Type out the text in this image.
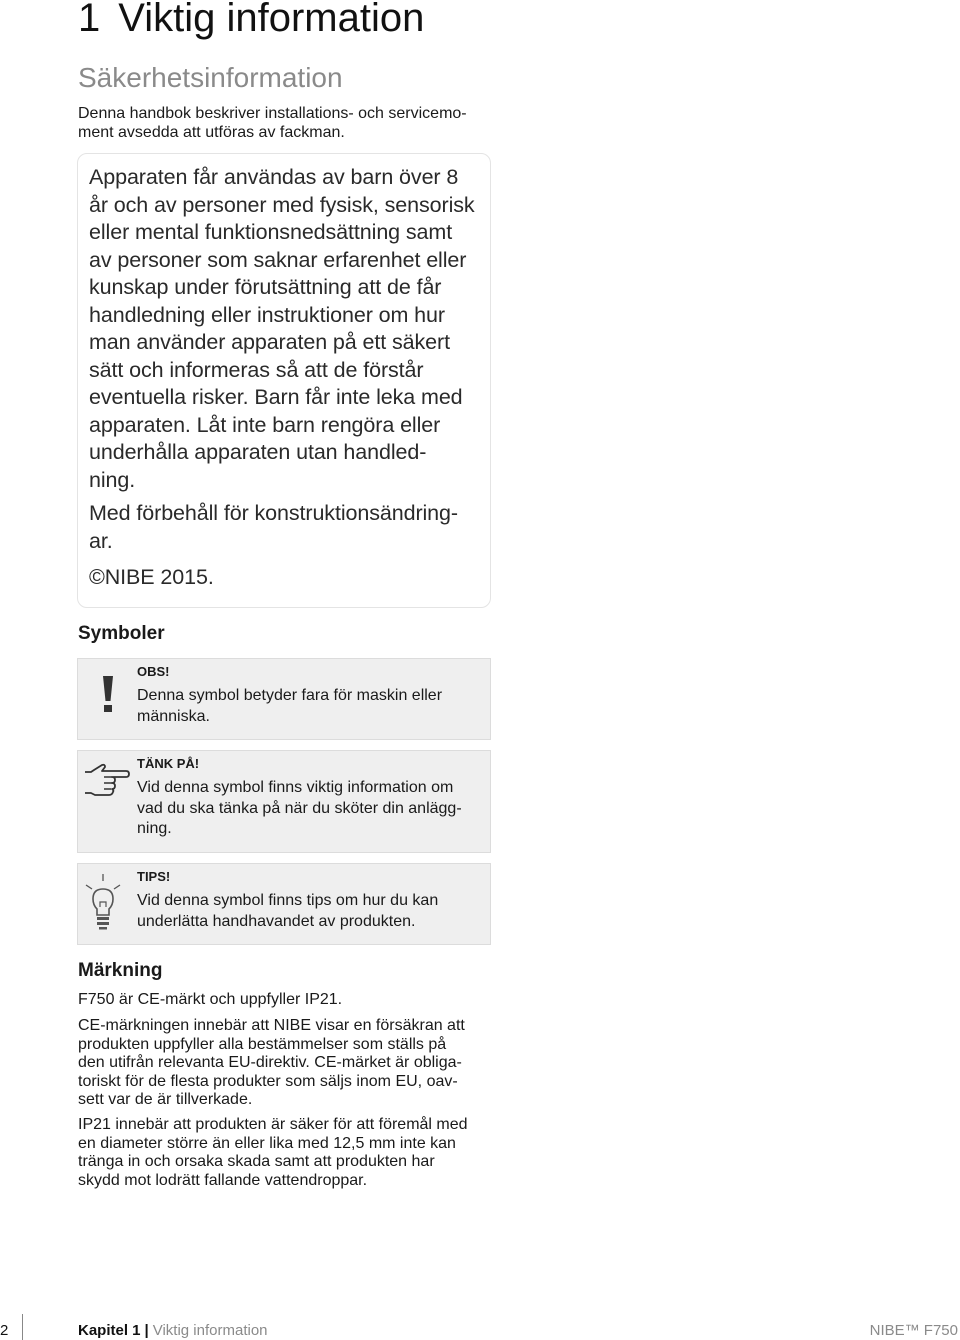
1 Viktig information
Säkerhetsinformation

Denna handbok beskriver installations- och servicemo-
ment avsedda att utföras av fackman.

Apparaten får användas av barn över 8
år och av personer med fysisk, sensorisk
eller mental funktionsnedsättning samt
av personer som saknar erfarenhet eller
kunskap under förutsättning att de får
handledning eller instruktioner om hur
man använder apparaten på ett säkert
sätt och informeras så att de förstår
eventuella risker. Barn får inte leka med
apparaten. Låt inte barn rengöra eller
underhålla apparaten utan handled-
ning.

Med förbehåll för konstruktionsändring-
ar.

©NIBE 2015.

Symboler

OBS!

Denna symbol betyder fara för maskin eller
människa.

TÄNK PÅ!

Vid denna symbol finns viktig information om
vad du ska tänka på när du sköter din anlägg-
ning.

TIPS!

Vid denna symbol finns tips om hur du kan
underlätta handhavandet av produkten.

Märkning

F750 är CE-märkt och uppfyller IP21.

CE-märkningen innebär att NIBE visar en försäkran att
produkten uppfyller alla bestämmelser som ställs på
den utifrån relevanta EU-direktiv. CE-märket är obliga-
toriskt för de flesta produkter som säljs inom EU, oav-
sett var de är tillverkade.

IP21 innebär att produkten är säker för att föremål med
en diameter större än eller lika med 12,5 mm inte kan
tränga in och orsaka skada samt att produkten har
skydd mot lodrätt fallande vattendroppar.

2	Kapitel 1 | Viktig information	NIBE™ F750
